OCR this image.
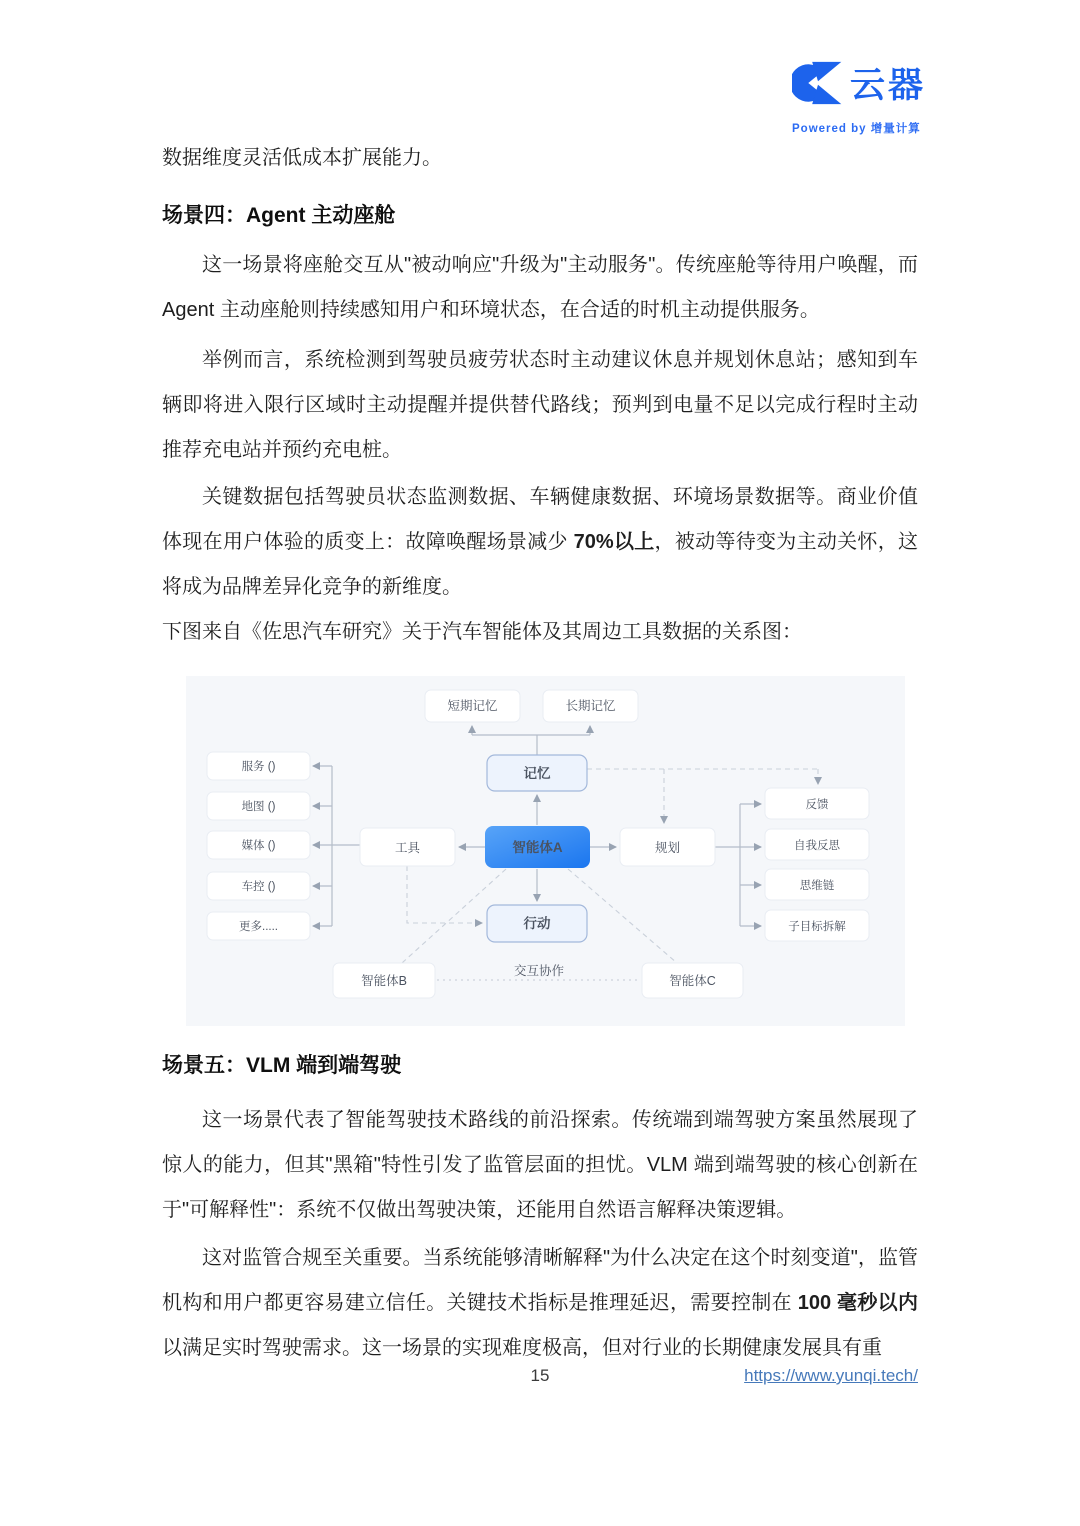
云器
Powered by 增量计算

数据维度灵活低成本扩展能力。

场景四：Agent 主动座舱

这一场景将座舱交互从"被动响应"升级为"主动服务"。传统座舱等待用户唤醒，而 Agent 主动座舱则持续感知用户和环境状态，在合适的时机主动提供服务。

举例而言，系统检测到驾驶员疲劳状态时主动建议休息并规划休息站；感知到车辆即将进入限行区域时主动提醒并提供替代路线；预判到电量不足以完成行程时主动推荐充电站并预约充电桩。

关键数据包括驾驶员状态监测数据、车辆健康数据、环境场景数据等。商业价值体现在用户体验的质变上：故障唤醒场景减少 70%以上，被动等待变为主动关怀，这将成为品牌差异化竞争的新维度。

下图来自《佐思汽车研究》关于汽车智能体及其周边工具数据的关系图：

短期记忆	长期记忆
记忆
智能体A
工具	规划
行动
智能体B	智能体C
服务 ()
地图 ()
媒体 ()
车控 ()
更多.....
反馈
自我反思
思维链
子目标拆解
交互协作
场景五：VLM 端到端驾驶

这一场景代表了智能驾驶技术路线的前沿探索。传统端到端驾驶方案虽然展现了惊人的能力，但其"黑箱"特性引发了监管层面的担忧。VLM 端到端驾驶的核心创新在于"可解释性"：系统不仅做出驾驶决策，还能用自然语言解释决策逻辑。

这对监管合规至关重要。当系统能够清晰解释"为什么决定在这个时刻变道"，监管机构和用户都更容易建立信任。关键技术指标是推理延迟，需要控制在 100 毫秒以内以满足实时驾驶需求。这一场景的实现难度极高，但对行业的长期健康发展具有重

15	https://www.yunqi.tech/
